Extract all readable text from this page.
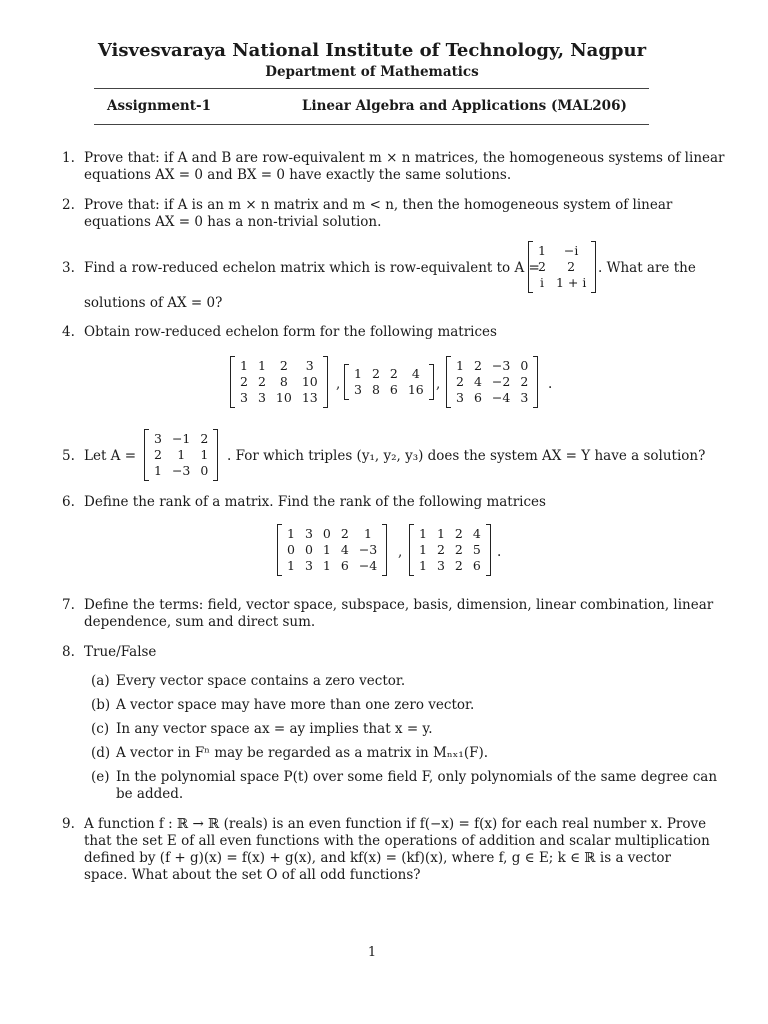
Visvesvaraya National Institute of Technology, Nagpur
Department of Mathematics
Assignment-1	Linear Algebra and Applications (MAL206)
1. Prove that: if A and B are row-equivalent m × n matrices, the homogeneous systems of linear
equations AX = 0 and BX = 0 have exactly the same solutions.
2. Prove that: if A is an m × n matrix and m < n, then the homogeneous system of linear
equations AX = 0 has a non-trivial solution.
3. Find a row-reduced echelon matrix which is row-equivalent to A =
1	−i
2	2
i	1 + i
. What are the
solutions of AX = 0?
4. Obtain row-reduced echelon form for the following matrices
1	1	2	3
2	2	8	10
3	3	10	13
,
1	2	2	4
3	8	6	16 ,
1	2	−3	0
2	4	−2	2
3	6	−4	3
.
5. Let A =
3	−1	2
2	1	1
1	−3	0
. For which triples (y₁, y₂, y₃) does the system AX = Y have a solution?
6. Define the rank of a matrix. Find the rank of the following matrices
1	3	0	2	1
0	0	1	4	−3
1	3	1	6	−4
,
1	1	2	4
1	2	2	5
1	3	2	6
.
7. Define the terms: field, vector space, subspace, basis, dimension, linear combination, linear
dependence, sum and direct sum.
8. True/False
(a) Every vector space contains a zero vector.
(b) A vector space may have more than one zero vector.
(c) In any vector space ax = ay implies that x = y.
(d) A vector in Fⁿ may be regarded as a matrix in Mₙₓ₁(F).
(e) In the polynomial space P(t) over some field F, only polynomials of the same degree can
be added.
9. A function f : ℝ → ℝ (reals) is an even function if f(−x) = f(x) for each real number x. Prove
that the set E of all even functions with the operations of addition and scalar multiplication
defined by (f + g)(x) = f(x) + g(x), and kf(x) = (kf)(x), where f, g ∈ E; k ∈ ℝ is a vector
space. What about the set O of all odd functions?
1
